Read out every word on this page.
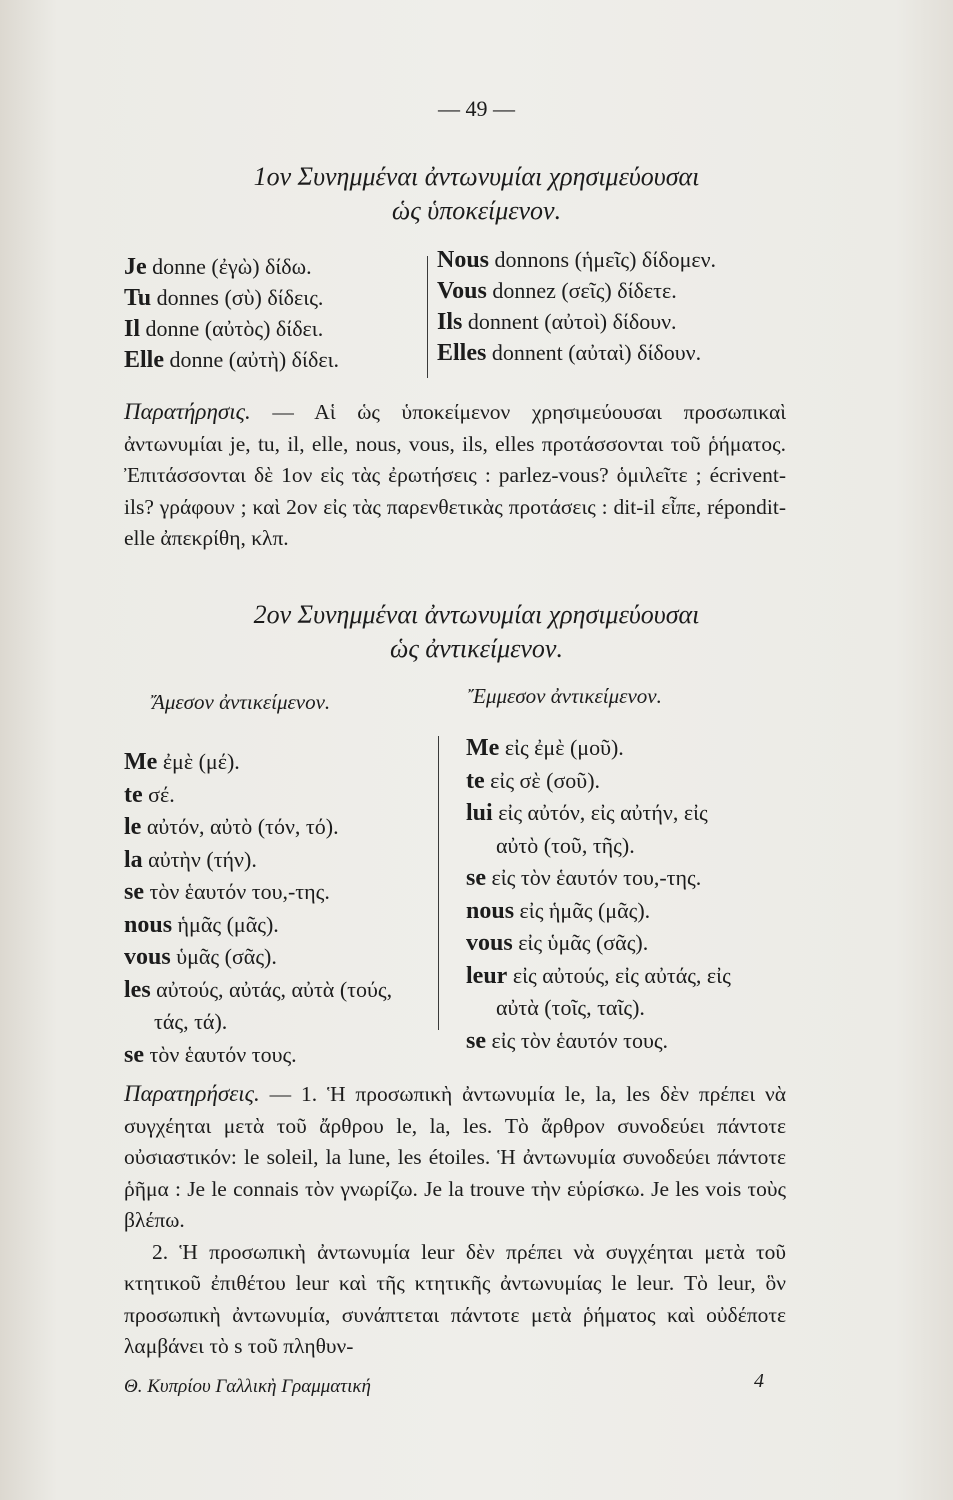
— 49 —
1ον Συνημμέναι ἀντωνυμίαι χρησιμεύουσαι
ὡς ὑποκείμενον.
Je donne (ἐγὼ) δίδω.
Tu donnes (σὺ) δίδεις.
Il donne (αὐτὸς) δίδει.
Elle donne (αὐτὴ) δίδει.
Nous donnons (ἡμεῖς) δίδομεν.
Vous donnez (σεῖς) δίδετε.
Ils donnent (αὐτοὶ) δίδουν.
Elles donnent (αὐταὶ) δίδουν.

Παρατήρησις. — Αἱ ὡς ὑποκείμενον χρησιμεύουσαι προσωπικαὶ ἀντωνυμίαι je, tu, il, elle, nous, vous, ils, elles προτάσσονται τοῦ ῥήματος. Ἐπιτάσσονται δὲ 1ον εἰς τὰς ἐρωτήσεις : parlez-vous? ὁμιλεῖτε ; écrivent-ils? γράφουν ; καὶ 2ον εἰς τὰς παρενθετικὰς προτάσεις : dit-il εἶπε, répondit-elle ἀπεκρίθη, κλπ.

2ον Συνημμέναι ἀντωνυμίαι χρησιμεύουσαι
ὡς ἀντικείμενον.
Ἄμεσον ἀντικείμενον.	Ἔμμεσον ἀντικείμενον.
Me ἐμὲ (μέ).
te σέ.
le αὐτόν, αὐτὸ (τόν, τό).
la αὐτὴν (τήν).
se τὸν ἑαυτόν του,-της.
nous ἡμᾶς (μᾶς).
vous ὑμᾶς (σᾶς).
les αὐτούς, αὐτάς, αὐτὰ (τούς,
τάς, τά).
se τὸν ἑαυτόν τους.
Me εἰς ἐμὲ (μοῦ).
te εἰς σὲ (σοῦ).
lui εἰς αὐτόν, εἰς αὐτήν, εἰς
αὐτὸ (τοῦ, τῆς).
se εἰς τὸν ἑαυτόν του,-της.
nous εἰς ἡμᾶς (μᾶς).
vous εἰς ὑμᾶς (σᾶς).
leur εἰς αὐτούς, εἰς αὐτάς, εἰς
αὐτὰ (τοῖς, ταῖς).
se εἰς τὸν ἑαυτόν τους.

Παρατηρήσεις. — 1. Ἡ προσωπικὴ ἀντωνυμία le, la, les δὲν πρέπει νὰ συγχέηται μετὰ τοῦ ἄρθρου le, la, les. Τὸ ἄρθρον συνοδεύει πάντοτε οὐσιαστικόν: le soleil, la lune, les étoiles. Ἡ ἀντωνυμία συνοδεύει πάντοτε ῥῆμα : Je le connais τὸν γνωρίζω. Je la trouve τὴν εὑρίσκω. Je les vois τοὺς βλέπω.

2. Ἡ προσωπικὴ ἀντωνυμία leur δὲν πρέπει νὰ συγχέηται μετὰ τοῦ κτητικοῦ ἐπιθέτου leur καὶ τῆς κτητικῆς ἀντωνυμίας le leur. Τὸ leur, ὃν προσωπικὴ ἀντωνυμία, συνάπτεται πάντοτε μετὰ ῥήματος καὶ οὐδέποτε λαμβάνει τὸ s τοῦ πληθυν-

Θ. Κυπρίου Γαλλικὴ Γραμματική	4
